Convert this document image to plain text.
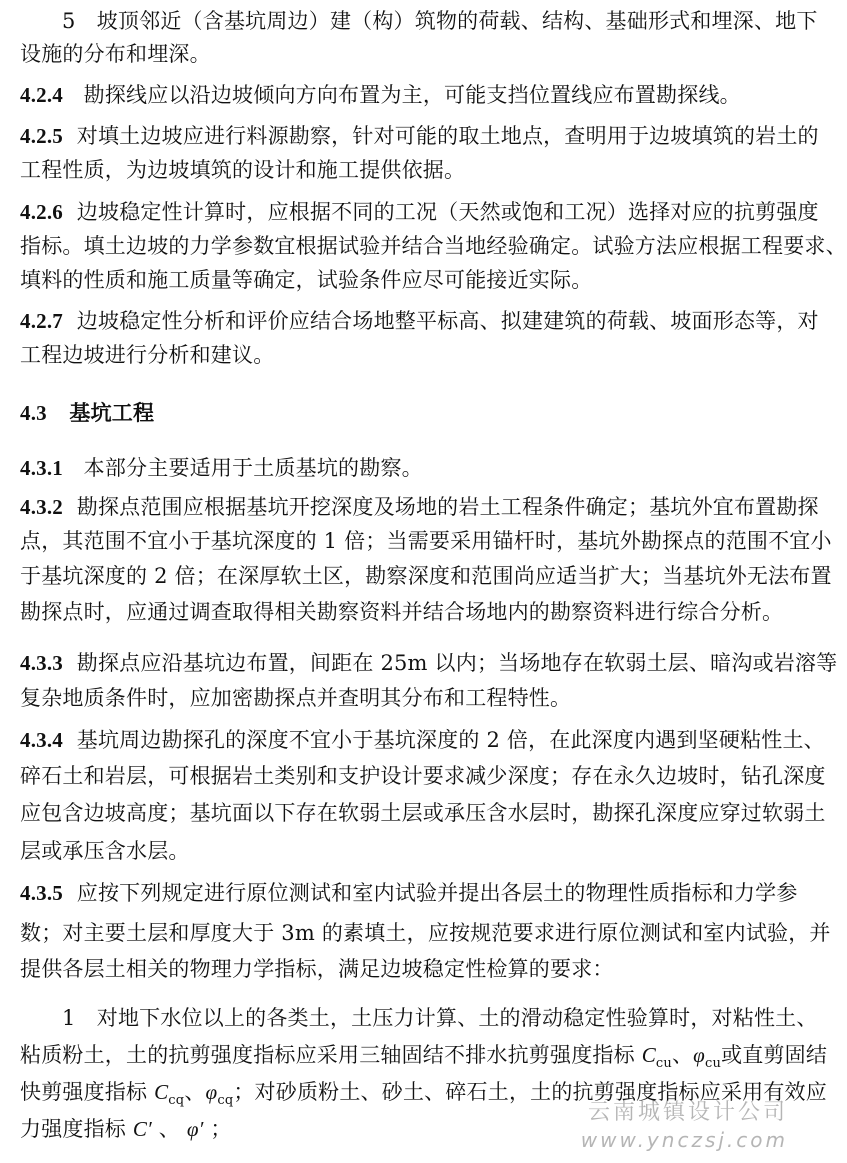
5　坡顶邻近（含基坑周边）建（构）筑物的荷载、结构、基础形式和埋深、地下
设施的分布和埋深。
4.2.4 勘探线应以沿边坡倾向方向布置为主，可能支挡位置线应布置勘探线。
4.2.5 对填土边坡应进行料源勘察，针对可能的取土地点，查明用于边坡填筑的岩土的
工程性质，为边坡填筑的设计和施工提供依据。
4.2.6 边坡稳定性计算时，应根据不同的工况（天然或饱和工况）选择对应的抗剪强度
指标。填土边坡的力学参数宜根据试验并结合当地经验确定。试验方法应根据工程要求、
填料的性质和施工质量等确定，试验条件应尽可能接近实际。
4.2.7 边坡稳定性分析和评价应结合场地整平标高、拟建建筑的荷载、坡面形态等，对
工程边坡进行分析和建议。
4.3 基坑工程
4.3.1 本部分主要适用于土质基坑的勘察。
4.3.2 勘探点范围应根据基坑开挖深度及场地的岩土工程条件确定；基坑外宜布置勘探
点，其范围不宜小于基坑深度的 1 倍；当需要采用锚杆时，基坑外勘探点的范围不宜小
于基坑深度的 2 倍；在深厚软土区，勘察深度和范围尚应适当扩大；当基坑外无法布置
勘探点时，应通过调查取得相关勘察资料并结合场地内的勘察资料进行综合分析。
4.3.3 勘探点应沿基坑边布置，间距在 25m 以内；当场地存在软弱土层、暗沟或岩溶等
复杂地质条件时，应加密勘探点并查明其分布和工程特性。
4.3.4 基坑周边勘探孔的深度不宜小于基坑深度的 2 倍，在此深度内遇到坚硬粘性土、
碎石土和岩层，可根据岩土类别和支护设计要求减少深度；存在永久边坡时，钻孔深度
应包含边坡高度；基坑面以下存在软弱土层或承压含水层时，勘探孔深度应穿过软弱土
层或承压含水层。
4.3.5 应按下列规定进行原位测试和室内试验并提出各层土的物理性质指标和力学参
数；对主要土层和厚度大于 3m 的素填土，应按规范要求进行原位测试和室内试验，并
提供各层土相关的物理力学指标，满足边坡稳定性检算的要求：
1　对地下水位以上的各类土，土压力计算、土的滑动稳定性验算时，对粘性土、
粘质粉土，土的抗剪强度指标应采用三轴固结不排水抗剪强度指标 $C_{cu}$、$\varphi_{cu}$或直剪固结
快剪强度指标 $C_{cq}$、$\varphi_{cq}$；对砂质粉土、砂土、碎石土，土的抗剪强度指标应采用有效应
力强度指标 C′ 、 φ′ ；
云南城镇设计公司
www.ynczsj.com
